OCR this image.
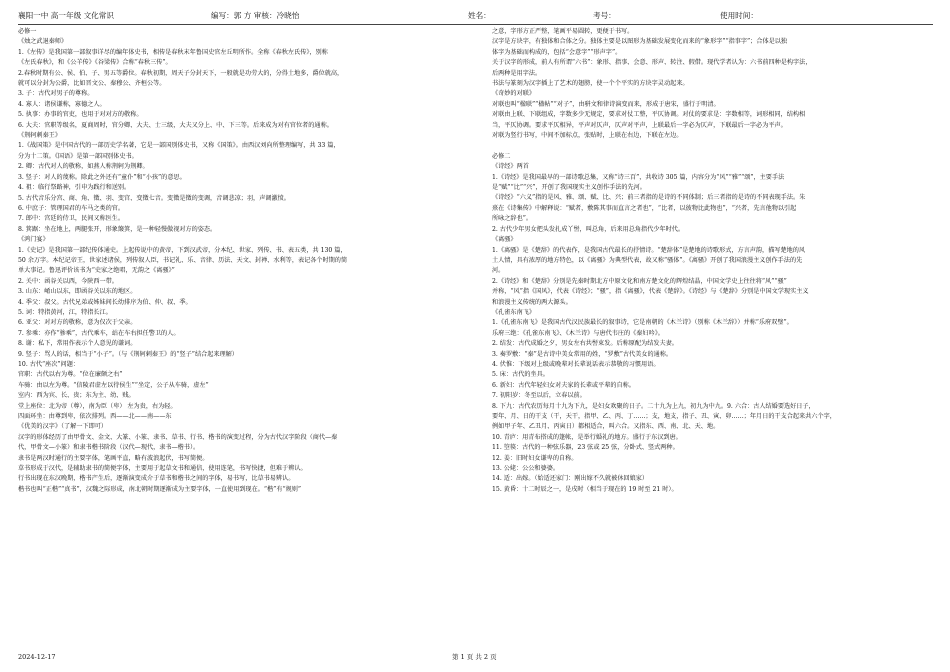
襄阳一中 高一年级 文化常识	编写：郭 方 审核：冷晓怡	姓名：	考号：	使用时间：

必修一

《烛之武退秦师》

1.《左传》是我国第一部叙事详尽的编年体史书，相传是春秋末年鲁国史官左丘明所作。全称《春秋左氏传》，别称

《左氏春秋》，和《公羊传》《谷梁传》合称“春秋三传”。

2.春秋时期有公、侯、伯、子、男五等爵位。春秋初期，周天子分封天下，一般就是功劳大的，分得土地多，爵位就高，

就可以分封为公爵，比如晋文公、秦穆公、齐桓公等。

3. 子：古代对男子的尊称。

4. 寡人：诸侯谦称，寡德之人。

5. 执事：办事的官吏，也用于对对方的敬称。

6. 大夫：官职等级名，夏商周时，官分卿、大夫、士三级，大夫又分上、中、下三等。后来成为对有官位者的通称。

《荆轲刺秦王》

1.《战国策》是中国古代的一部历史学名著，它是一部国别体史书，又称《国策》。由西汉刘向所整理编写，共 33 篇，

分为十二策。《国语》是第一部国别体史书。

2. 卿：古代对人的敬称，如燕人称荆轲为荆卿。

3. 竖子：对人的蔑称。除此之外还有“童仆”和“小孩”的意思。

4. 祖：临行祭路神，引申为践行和送别。

5. 古代音乐分宫、商、角、徵、羽、变宫、变徵七音。变徵是徵的变调，音调悲凉；羽，声调激愤。

6. 中庶子：管理国君的车马之类的官。

7. 郎中：宫廷的侍卫，民间又称医生。

8. 箕踞：坐在地上，两腿张开，形象簸箕，是一种轻慢傲视对方的姿态。

《鸿门宴》

1.《史记》是我国第一部纪传体通史。上起传说中的黄帝，下到汉武帝，分本纪、世家、列传、书、表五类，共 130 篇，

50 余万字。本纪记帝王，世家述诸侯，列传叙人臣，书记礼、乐、音律、历法、天文、封禅、水利等，表记各个时期的简

单大事记。鲁迅评价该书为“史家之绝唱，无韵之《离骚》”

2. 关中：函谷关以西，今陕西一带。

3. 山东：崤山以东，即函谷关以东的地区。

4. 季父：叔父。古代兄弟或姊妹间长幼排序为伯、仲、叔、季。

5. 词：特指黄河，江，特指长江。

6. 亚父：对对方的敬称，意为仅次于父亲。

7. 参乘：亦作“骖乘”，古代乘车，站在车右担任警卫的人。

8. 谢：私下，常用作表示个人意见的谦词。

9. 竖子：骂人的话，相当于“小子”。（与《荆轲刺秦王》的“竖子”结合起来理解）

10. 古代“座次”问题：

官职：古代以右为尊。“位在廉颇之右”

车骑：由以左为尊。“信陵君虚左以待侯生”“坐定，公子从车骑，虚左”

室内：西为宾、长、贵；东为主、幼、贱。

堂上座位：北为帝（尊），南为臣（卑） 左为贵，右为轻。

四面环坐：由尊到卑，依次排列。西——北——南——东

《优美的汉字》（了解一下即可）

汉字的形体经历了由甲骨文、金文、大篆、小篆、隶书、草书、行书、楷书的演变过程，分为古代汉字阶段（商代—秦

代，甲骨文—小篆）和隶书楷书阶段（汉代—现代，隶书—楷书）。

隶书是两汉时通行的主要字体，笔画平直，略有波浪起伏，书写简便。

草书形成于汉代，是辅助隶书的简便字体，主要用于起草文书和通信，使用连笔，书写快捷，但难于辨认。

行书出现在东汉晚期，楷书产生后，逐渐演变成介于草书和楷书之间的字体，易书写，比草书易辨认。

楷书也叫“正楷”“真书”，汉魏之际形成，南北朝时期逐渐成为主要字体，一直使用到现在。“楷”有“规则”

之意，字形方正严整，笔画平易圆转，更便于书写。

汉字是方块字，有独体和合体之分。独体主要是以图形为基础发展变化而来的“象形字”“指事字”；合体是以独

体字为基础而构成的，包括“会意字”“形声字”。

关于汉字的形成，前人有所谓“六书”：象形、指事、会意、形声、转注、假借。现代学者认为：六书前四种是构字法，

后两种是用字法。

书法与篆刻为汉字插上了艺术的翅膀，使一个个平实的方块字灵动起来。

《奇妙的对联》

对联也叫“楹联”“楹帖”“对子”，由骈文和律诗演变而来，形成于唐宋，盛行于明清。

对联由上联、下联组成，字数多少无规定，要求对仗工整，平仄协调。对仗的要求是：字数相等，词形相同，结构相

当，平仄协调。要求平仄相异，平声对仄声，仄声对平声，上联最后一字必为仄声，下联最后一字必为平声。

对联为竖行书写，中间不加标点，张贴时，上联在右边，下联在左边。

必修二

《诗经》两首

1.《诗经》是我国最早的一部诗歌总集，又称“诗三百”，共收诗 305 篇，内容分为“风”“雅”“颂”，主要手法

是“赋”“比”“兴”，开创了我国现实主义创作手法的先河。

《诗经》“六义”指的是风、雅、颂、赋、比、兴；前三者指的是诗的不同体制；后三者指的是诗的不同表现手法。朱

熹在《诗集传》中解释说：“赋者，敷陈其事而直言之者也”，“比者，以彼物比此物也”，“兴者，先言他物以引起

所咏之辞也”。

2. 古代少年男女把头发扎成丫髻，叫总角，后来用总角指代少年时代。

《离骚》

1.《离骚》是《楚辞》的代表作，是我国古代最长的抒情诗。“楚辞体”是楚地的诗歌形式，方言声韵，描写楚地的风

土人情，具有浓厚的地方特色，以《离骚》为典型代表，故又称“骚体”。《离骚》开创了我国浪漫主义创作手法的先

河。

2.《诗经》和《楚辞》分别是先秦时期北方中原文化和南方楚文化的辉煌结晶，中国文学史上往往将“风”“骚”

并称，“风”指《国风》，代表《诗经》；“骚”，指《离骚》，代表《楚辞》。《诗经》与《楚辞》分别是中国文学现实主义

和浪漫主义传统的两大源头。

《孔雀东南飞》

1.《孔雀东南飞》是我国古代汉民族最长的叙事诗，它是南朝的《木兰诗》（别称《木兰辞》）并称“乐府双璧”。

乐府三绝：《孔雀东南飞》、《木兰诗》与唐代韦庄的《秦妇吟》。

2. 结发：古代成婚之夕，男女左右共髻束发。后称原配为结发夫妻。

3. 奏罗敷：“秦”是古诗中美女常用的姓，“罗敷”古代美女的通称。

4. 伏惟：下级对上级或晚辈对长辈说话表示恭敬的习惯用语。

5. 床：古代的坐具。

6. 新妇：古代年轻妇女对夫家的长辈或平辈的自称。

7. 初阳岁：冬至以后，立春以前。

8. 下九：古代农历每月十九为下九，是妇女欢聚的日子。二十九为上九，初九为中九。9. 六合：古人结婚要选好日子，

要年、月、日的干支（干，天干，指甲、乙、丙、丁……；支，地支，指子、丑、寅、卯……；年月日的干支合起来共六个字，

例如甲子年、乙丑月、丙寅日）都相适合，叫六合。又指东、西、南、北、天、地。

10. 青庐：用青布搭成的篷帐，是举行婚礼的地方。盛行于东汉到唐。

11. 箜篌：古代的一种弦乐器，23 弦或 25 弦，分卧式、竖式两种。

12. 姜：旧时妇女谦卑的自称。

13. 公姥：公公和婆婆。

14. 适：出嫁。（始适还家门：刚出嫁不久就被休回娘家）

15. 黄昏：十二时辰之一，是戌时（相当于现在的 19 时至 21 时）。

2024-12-17	第 1 页 共 2 页
